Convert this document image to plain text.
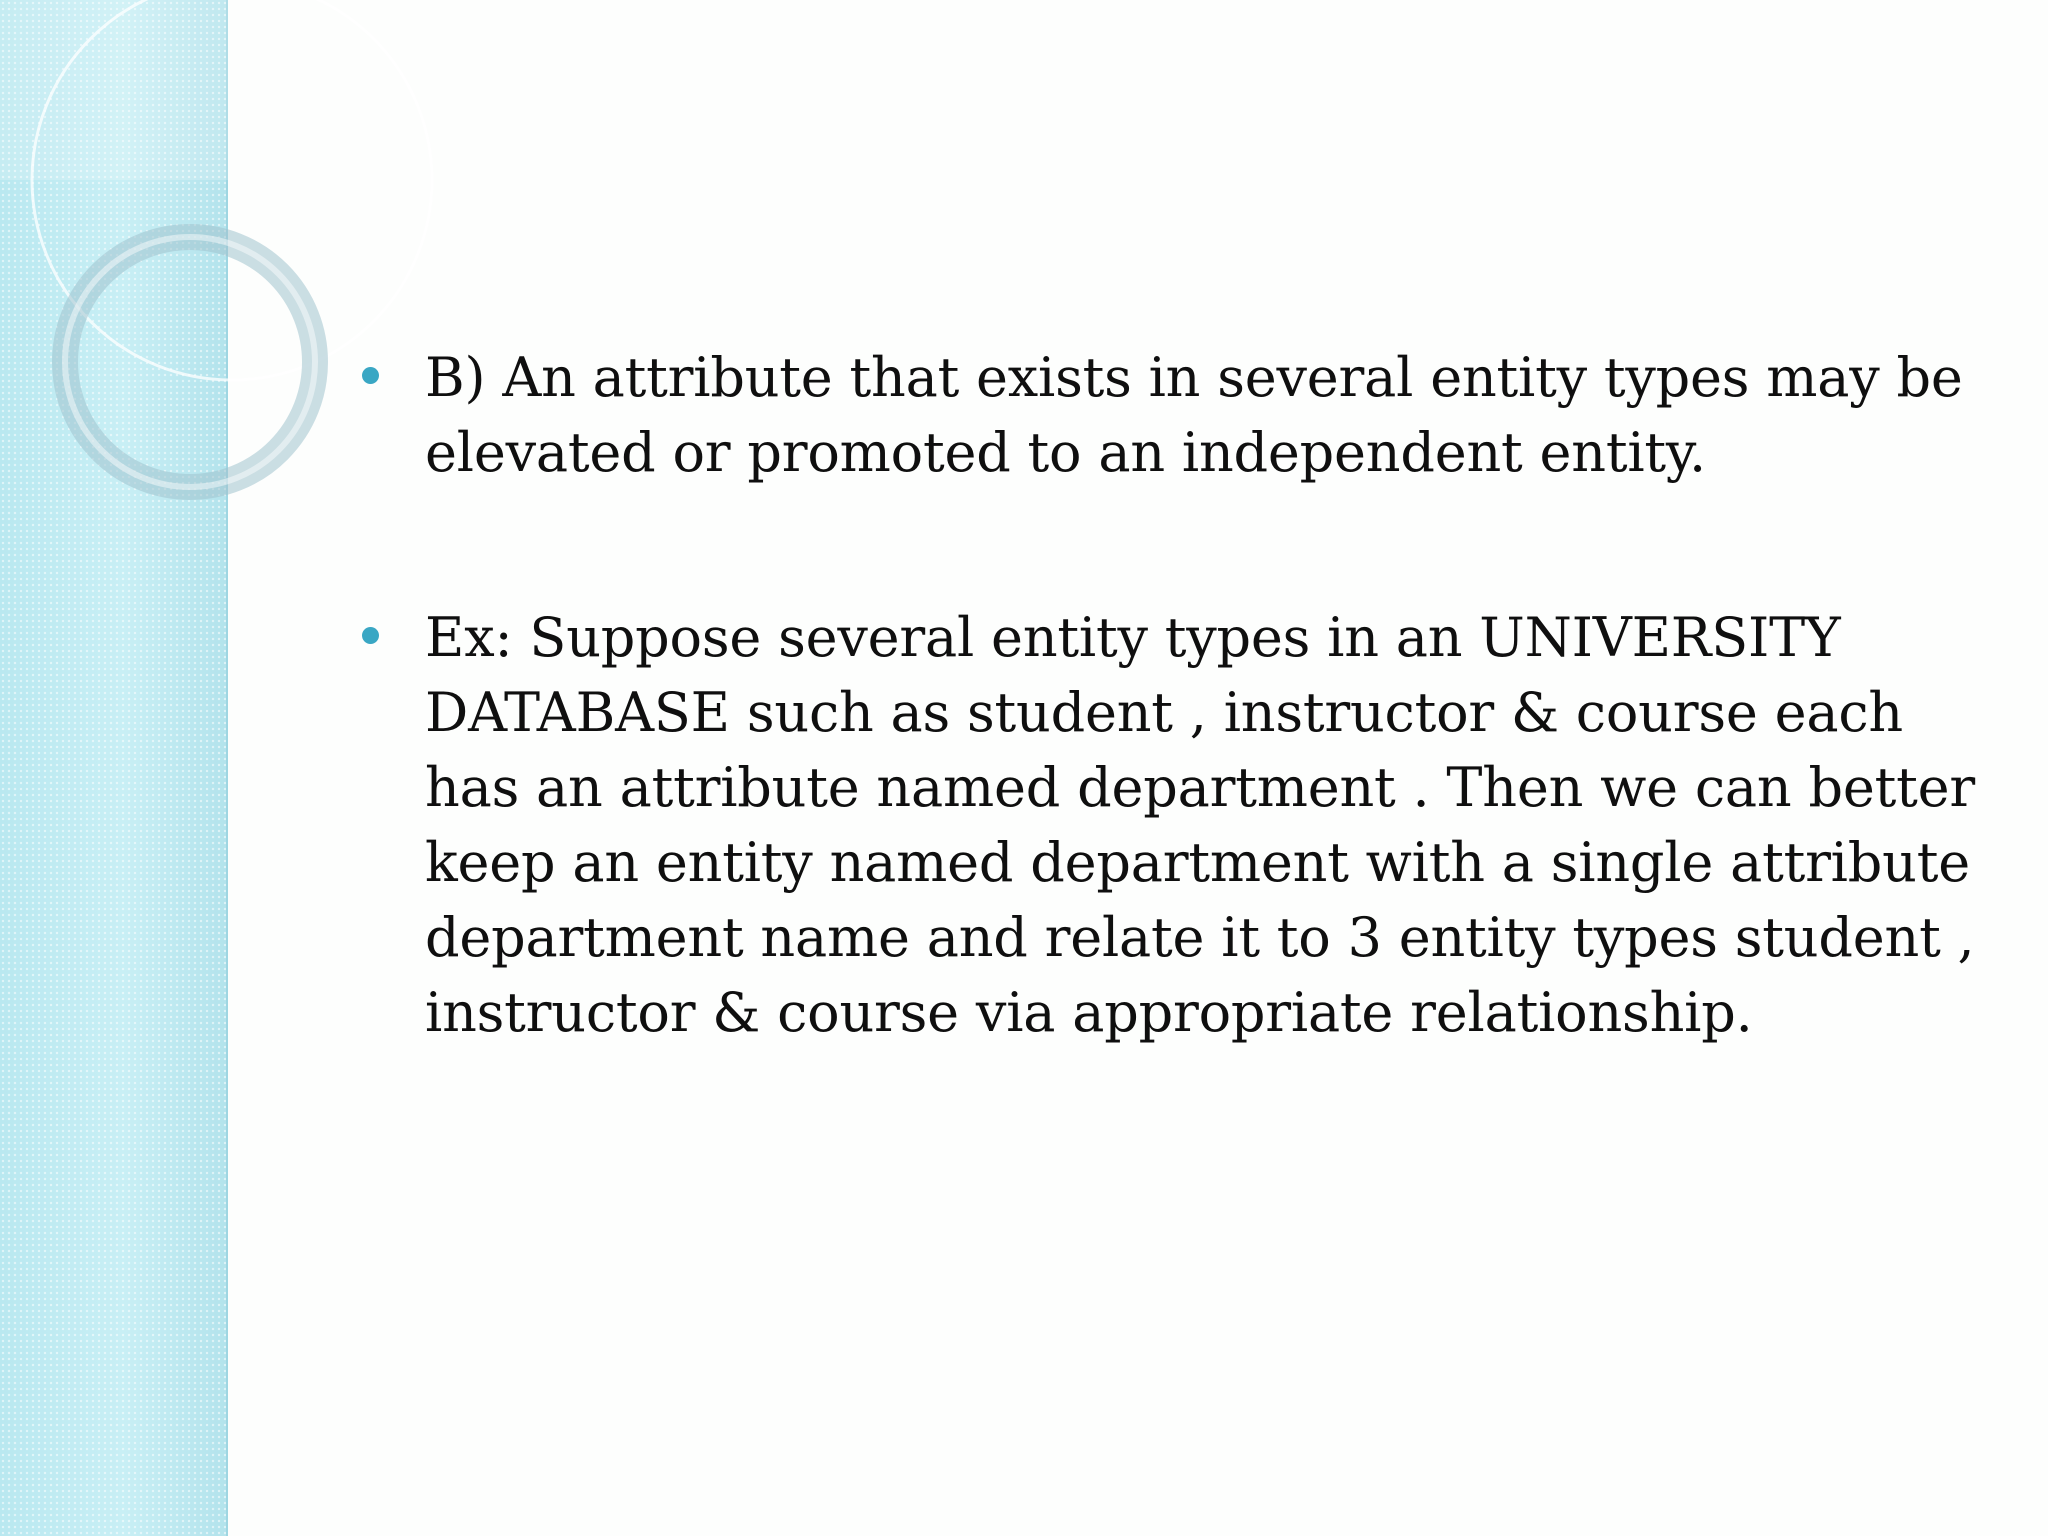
B) An attribute that exists in several entity types may be elevated or promoted to an independent entity.
Ex: Suppose several entity types in an UNIVERSITY DATABASE such as student , instructor & course each has an attribute named department . Then we can better keep an entity named department with a single attribute department name and relate it to 3 entity types student , instructor & course via appropriate relationship.
